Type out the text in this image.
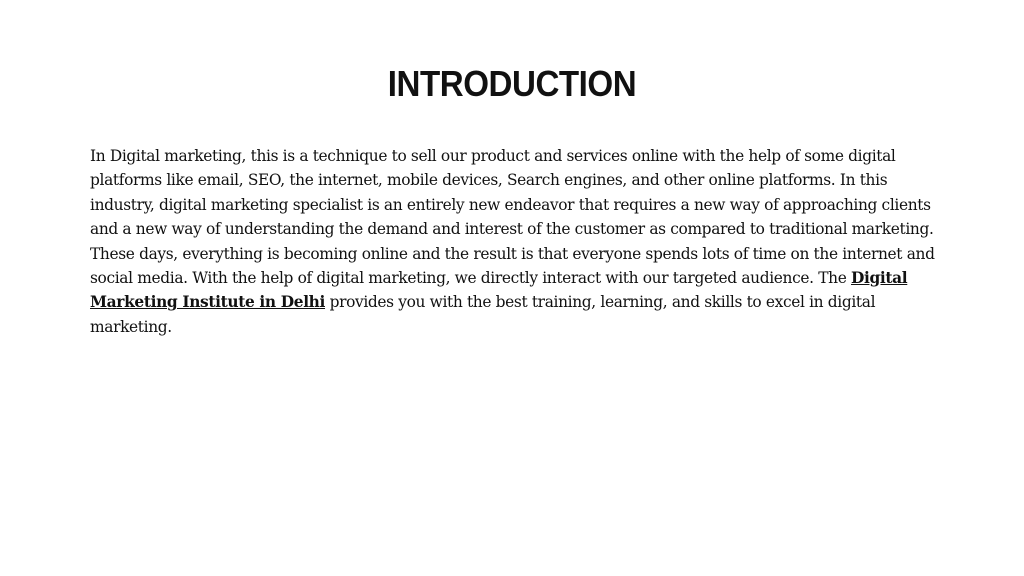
INTRODUCTION

In Digital marketing, this is a technique to sell our product and services online with the help of some digital platforms like email, SEO, the internet, mobile devices, Search engines, and other online platforms. In this industry, digital marketing specialist is an entirely new endeavor that requires a new way of approaching clients and a new way of understanding the demand and interest of the customer as compared to traditional marketing. These days, everything is becoming online and the result is that everyone spends lots of time on the internet and social media. With the help of digital marketing, we directly interact with our targeted audience. The Digital Marketing Institute in Delhi provides you with the best training, learning, and skills to excel in digital marketing.
